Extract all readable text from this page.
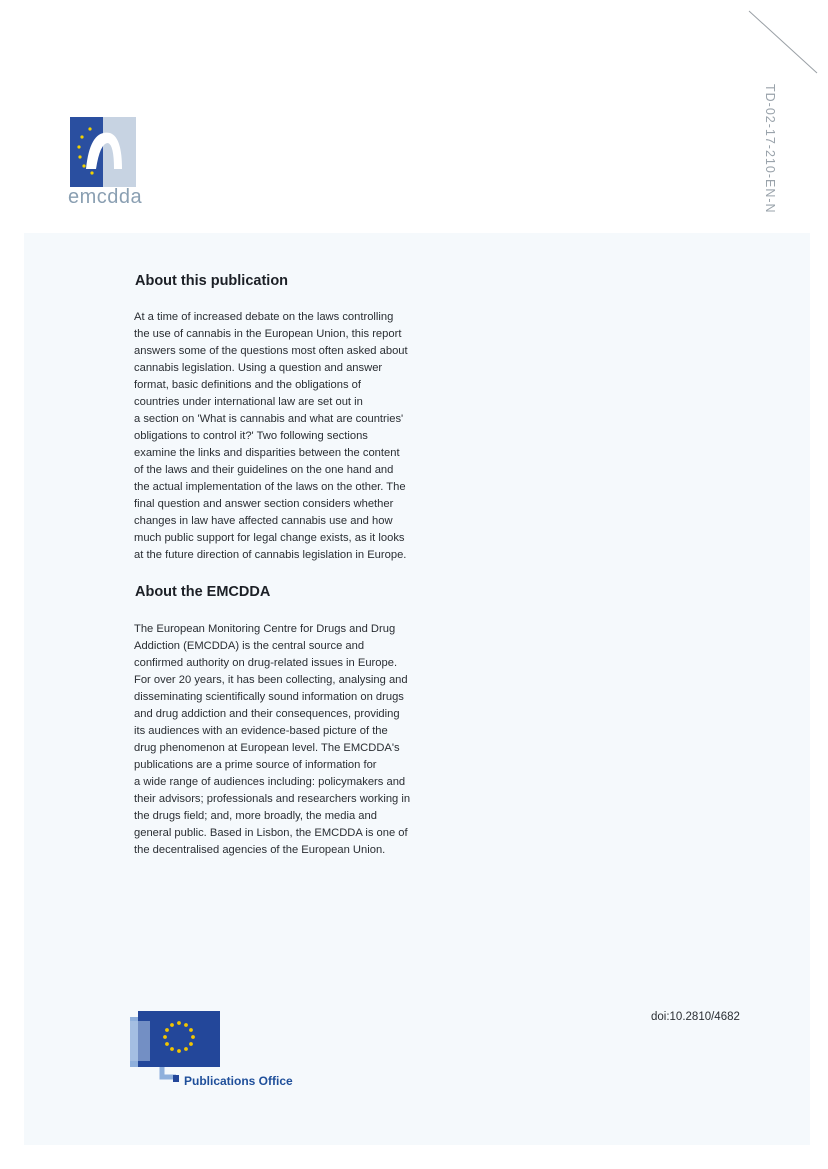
emcdda	TD-02-17-210-EN-N
About this publication

At a time of increased debate on the laws controlling

the use of cannabis in the European Union, this report

answers some of the questions most often asked about

cannabis legislation. Using a question and answer

format, basic definitions and the obligations of

countries under international law are set out in

a section on 'What is cannabis and what are countries'

obligations to control it?' Two following sections

examine the links and disparities between the content

of the laws and their guidelines on the one hand and

the actual implementation of the laws on the other. The

final question and answer section considers whether

changes in law have affected cannabis use and how

much public support for legal change exists, as it looks

at the future direction of cannabis legislation in Europe.

About the EMCDDA

The European Monitoring Centre for Drugs and Drug

Addiction (EMCDDA) is the central source and

confirmed authority on drug-related issues in Europe.

For over 20 years, it has been collecting, analysing and

disseminating scientifically sound information on drugs

and drug addiction and their consequences, providing

its audiences with an evidence-based picture of the

drug phenomenon at European level. The EMCDDA's

publications are a prime source of information for

a wide range of audiences including: policymakers and

their advisors; professionals and researchers working in

the drugs field; and, more broadly, the media and

general public. Based in Lisbon, the EMCDDA is one of

the decentralised agencies of the European Union.

Publications Office
doi:10.2810/4682
